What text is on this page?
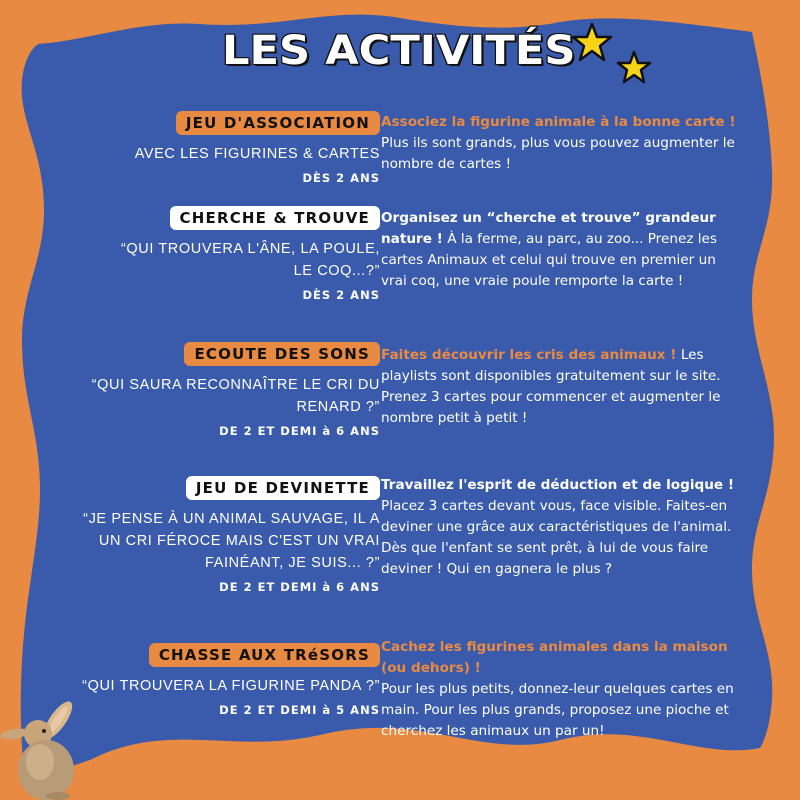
LES ACTIVITÉS
JEU D'ASSOCIATION
AVEC LES FIGURINES & CARTES
DÈS 2 ANS
Associez la figurine animale à la bonne carte !
Plus ils sont grands, plus vous pouvez augmenter le nombre de cartes !
CHERCHE & TROUVE
“QUI TROUVERA L'ÂNE, LA POULE, LE COQ...?”
DÈS 2 ANS
Organisez un “cherche et trouve” grandeur nature ! À la ferme, au parc, au zoo... Prenez les cartes Animaux et celui qui trouve en premier un vrai coq, une vraie poule remporte la carte !
ECOUTE DES SONS
“QUI SAURA RECONNAÎTRE LE CRI DU RENARD ?”
DE 2 ET DEMI à 6 ANS
Faites découvrir les cris des animaux ! Les playlists sont disponibles gratuitement sur le site. Prenez 3 cartes pour commencer et augmenter le nombre petit à petit !
JEU DE DEVINETTE
“JE PENSE À UN ANIMAL SAUVAGE, IL A UN CRI FÉROCE MAIS C'EST UN VRAI FAINÉANT, JE SUIS... ?”
DE 2 ET DEMI à 6 ANS
Travaillez l'esprit de déduction et de logique !
Placez 3 cartes devant vous, face visible. Faites-en deviner une grâce aux caractéristiques de l'animal.
Dès que l'enfant se sent prêt, à lui de vous faire deviner ! Qui en gagnera le plus ?
CHASSE AUX TRéSORS
“QUI TROUVERA LA FIGURINE PANDA ?”
DE 2 ET DEMI à 5 ANS
Cachez les figurines animales dans la maison (ou dehors) !
Pour les plus petits, donnez-leur quelques cartes en main. Pour les plus grands, proposez une pioche et cherchez les animaux un par un!
